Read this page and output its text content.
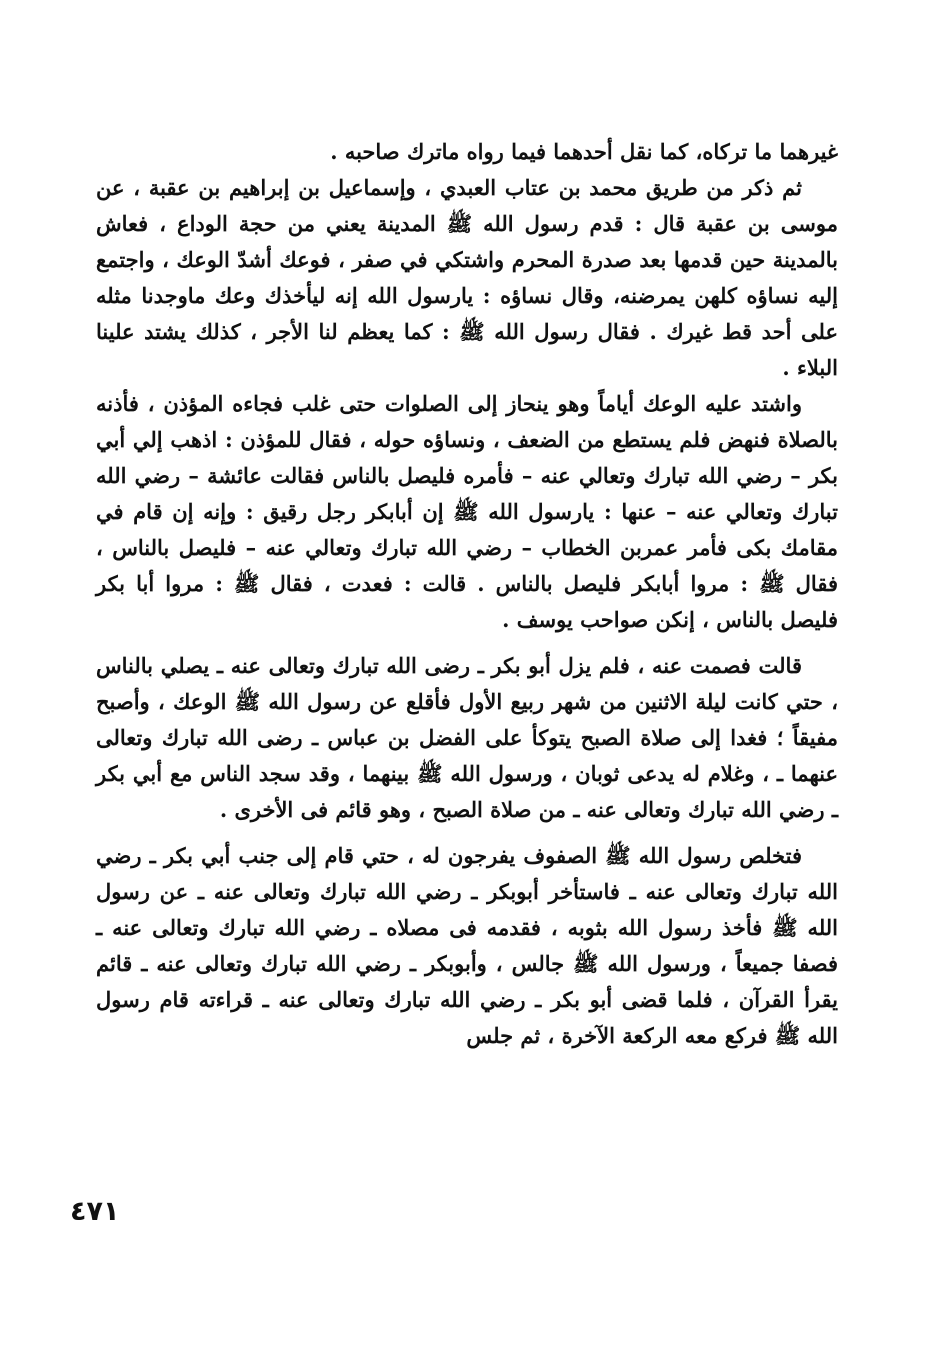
غيرهما ما تركاه، كما نقل أحدهما فيما رواه ماترك صاحبه .

ثم ذكر من طريق محمد بن عتاب العبدي ، وإسماعيل بن إبراهيم بن عقبة ، عن موسى بن عقبة قال : قدم رسول الله ﷺ المدينة يعني من حجة الوداع ، فعاش بالمدينة حين قدمها بعد صدرة المحرم واشتكي في صفر ، فوعك أشدّ الوعك ، واجتمع إليه نساؤه كلهن يمرضنه، وقال نساؤه : يارسول الله إنه ليأخذك وعك ماوجدنا مثله على أحد قط غيرك . فقال رسول الله ﷺ : كما يعظم لنا الأجر ، كذلك يشتد علينا البلاء .

واشتد عليه الوعك أياماً وهو ينحاز إلى الصلوات حتى غلب فجاءه المؤذن ، فأذنه بالصلاة فنهض فلم يستطع من الضعف ، ونساؤه حوله ، فقال للمؤذن : اذهب إلي أبي بكر – رضي الله تبارك وتعالي عنه – فأمره فليصل بالناس فقالت عائشة – رضي الله تبارك وتعالي عنه – عنها : يارسول الله ﷺ إن أبابكر رجل رقيق : وإنه إن قام في مقامك بكى فأمر عمربن الخطاب – رضي الله تبارك وتعالي عنه – فليصل بالناس ، فقال ﷺ : مروا أبابكر فليصل بالناس . قالت : فعدت ، فقال ﷺ : مروا أبا بكر فليصل بالناس ، إنكن صواحب يوسف .

قالت فصمت عنه ، فلم يزل أبو بكر ـ رضى الله تبارك وتعالى عنه ـ يصلي بالناس ، حتي كانت ليلة الاثنين من شهر ربيع الأول فأقلع عن رسول الله ﷺ الوعك ، وأصبح مفيقاً ؛ فغدا إلى صلاة الصبح يتوكأ على الفضل بن عباس ـ رضى الله تبارك وتعالى عنهما ـ ، وغلام له يدعى ثوبان ، ورسول الله ﷺ بينهما ، وقد سجد الناس مع أبي بكر ـ رضي الله تبارك وتعالى عنه ـ من صلاة الصبح ، وهو قائم فى الأخرى .

فتخلص رسول الله ﷺ الصفوف يفرجون له ، حتي قام إلى جنب أبي بكر ـ رضي الله تبارك وتعالى عنه ـ فاستأخر أبوبكر ـ رضي الله تبارك وتعالى عنه ـ عن رسول الله ﷺ فأخذ رسول الله بثوبه ، فقدمه فى مصلاه ـ رضي الله تبارك وتعالى عنه ـ فصفا جميعاً ، ورسول الله ﷺ جالس ، وأبوبكر ـ رضي الله تبارك وتعالى عنه ـ قائم يقرأ القرآن ، فلما قضى أبو بكر ـ رضي الله تبارك وتعالى عنه ـ قراءته قام رسول الله ﷺ فركع معه الركعة الآخرة ، ثم جلس

٤٧١
